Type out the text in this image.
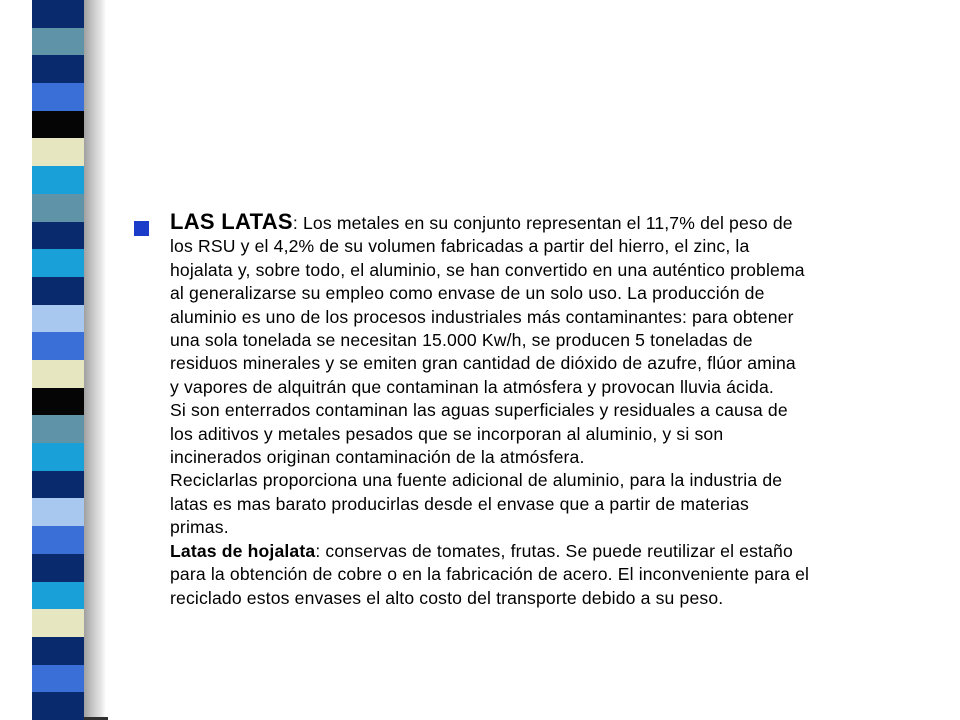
LAS LATAS: Los metales en su conjunto representan el 11,7% del peso de
los RSU y el 4,2% de su volumen fabricadas a partir del hierro, el zinc, la
hojalata y, sobre todo, el aluminio, se han convertido en una auténtico problema
al generalizarse su empleo como envase de un solo uso. La producción de
aluminio es uno de los procesos industriales más contaminantes: para obtener
una sola tonelada se necesitan 15.000 Kw/h, se producen 5 toneladas de
residuos minerales y se emiten gran cantidad de dióxido de azufre, flúor amina
y vapores de alquitrán que contaminan la atmósfera y provocan lluvia ácida.
Si son enterrados contaminan las aguas superficiales y residuales a causa de
los aditivos y metales pesados que se incorporan al aluminio, y si son
incinerados originan contaminación de la atmósfera.
Reciclarlas proporciona una fuente adicional de aluminio, para la industria de
latas es mas barato producirlas desde el envase que a partir de materias
primas.
Latas de hojalata: conservas de tomates, frutas. Se puede reutilizar el estaño
para la obtención de cobre o en la fabricación de acero. El inconveniente para el
reciclado estos envases el alto costo del transporte debido a su peso.
